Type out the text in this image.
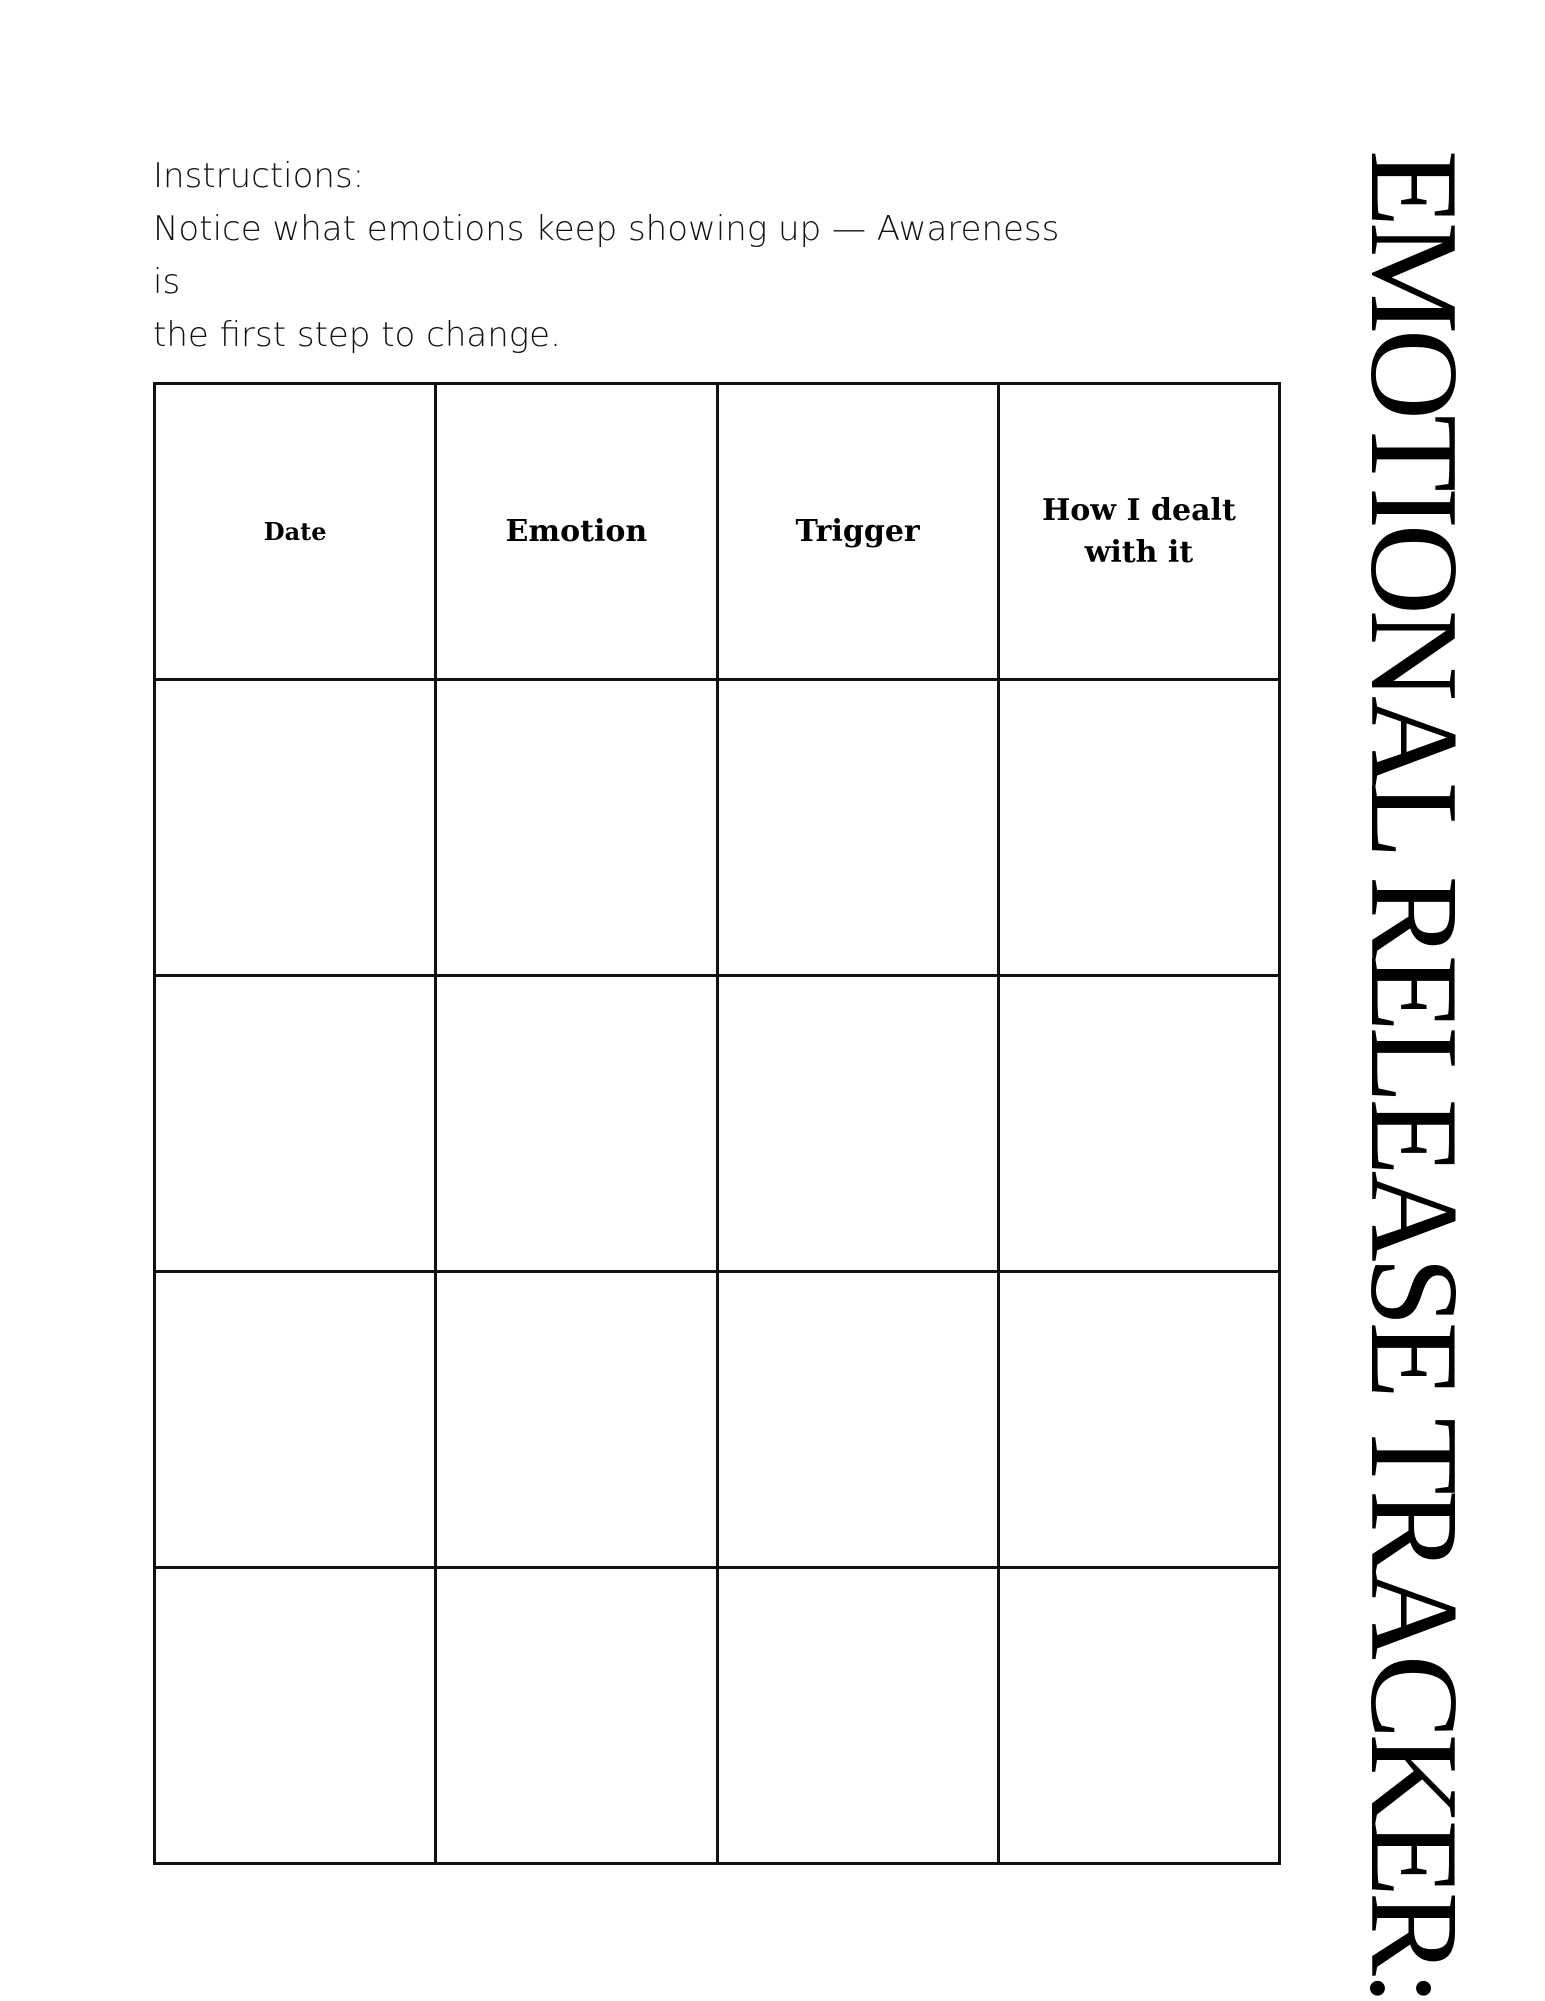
Instructions:

Notice what emotions keep showing up — Awareness is

the first step to change.

Date	Emotion	Trigger	How I dealt with it

			EMOTIONAL RELEASE TRACKER:
